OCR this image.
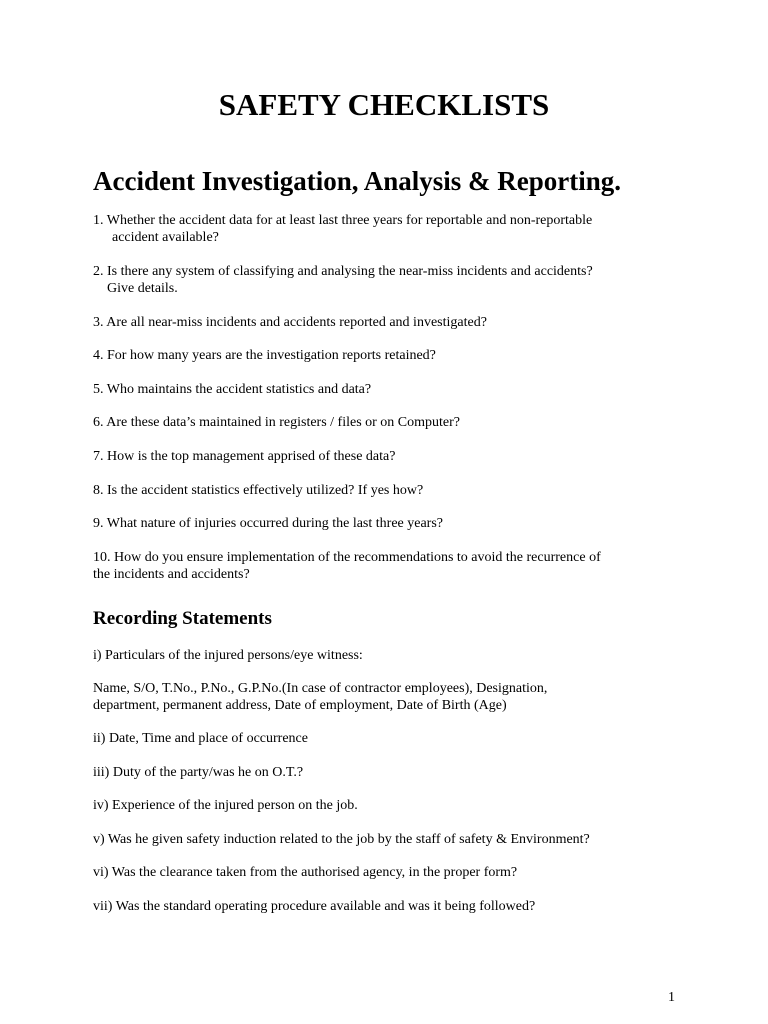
SAFETY CHECKLISTS
Accident Investigation, Analysis & Reporting.

1. Whether the accident data for at least last three years for reportable and non-reportable
accident available?

2. Is there any system of classifying and analysing the near-miss incidents and accidents?
Give details.

3. Are all near-miss incidents and accidents reported and investigated?

4. For how many years are the investigation reports retained?

5. Who maintains the accident statistics and data?

6. Are these data’s maintained in registers / files or on Computer?

7. How is the top management apprised of these data?

8. Is the accident statistics effectively utilized? If yes how?

9. What nature of injuries occurred during the last three years?

10. How do you ensure implementation of the recommendations to avoid the recurrence of
the incidents and accidents?

Recording Statements

i) Particulars of the injured persons/eye witness:

Name, S/O, T.No., P.No., G.P.No.(In case of contractor employees), Designation,
department, permanent address, Date of employment, Date of Birth (Age)

ii) Date, Time and place of occurrence

iii) Duty of the party/was he on O.T.?

iv) Experience of the injured person on the job.

v) Was he given safety induction related to the job by the staff of safety & Environment?

vi) Was the clearance taken from the authorised agency, in the proper form?

vii) Was the standard operating procedure available and was it being followed?

1
